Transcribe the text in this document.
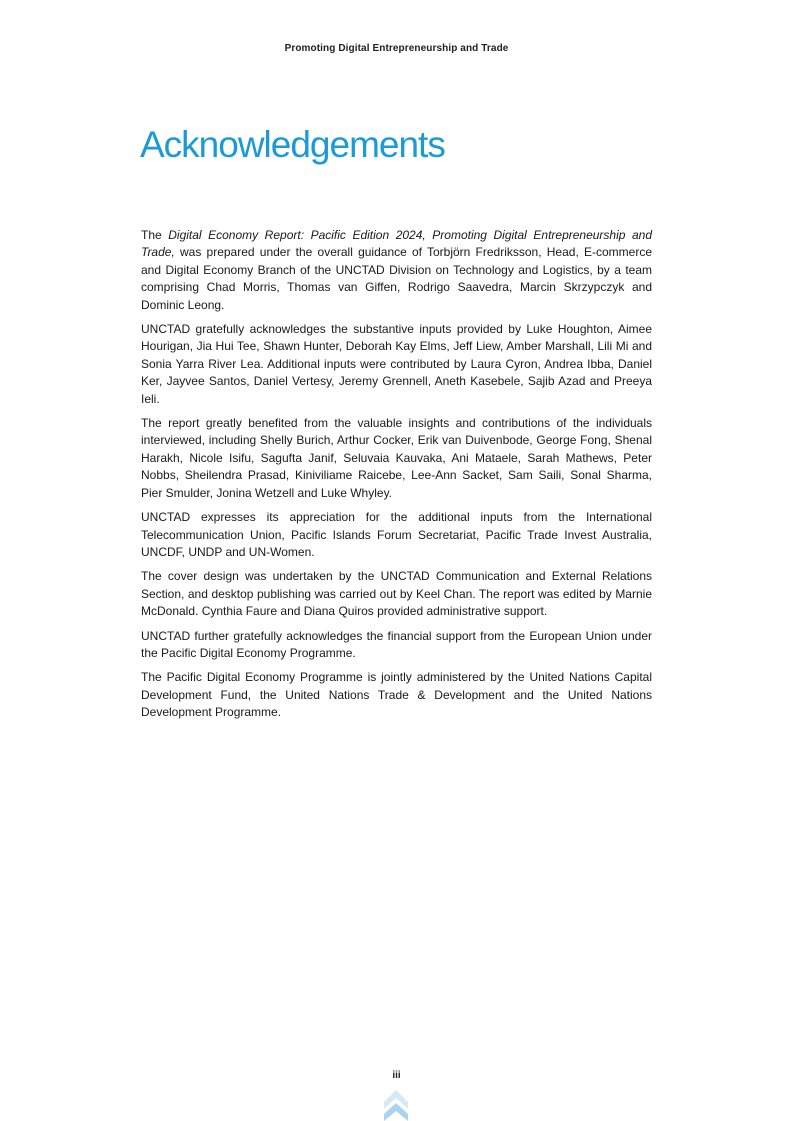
Promoting Digital Entrepreneurship and Trade
Acknowledgements

The Digital Economy Report: Pacific Edition 2024, Promoting Digital Entrepreneurship and Trade, was prepared under the overall guidance of Torbjörn Fredriksson, Head, E-commerce and Digital Economy Branch of the UNCTAD Division on Technology and Logistics, by a team comprising Chad Morris, Thomas van Giffen, Rodrigo Saavedra, Marcin Skrzypczyk and Dominic Leong.

UNCTAD gratefully acknowledges the substantive inputs provided by Luke Houghton, Aimee Hourigan, Jia Hui Tee, Shawn Hunter, Deborah Kay Elms, Jeff Liew, Amber Marshall, Lili Mi and Sonia Yarra River Lea. Additional inputs were contributed by Laura Cyron, Andrea Ibba, Daniel Ker, Jayvee Santos, Daniel Vertesy, Jeremy Grennell, Aneth Kasebele, Sajib Azad and Preeya Ieli.

The report greatly benefited from the valuable insights and contributions of the individuals interviewed, including Shelly Burich, Arthur Cocker, Erik van Duivenbode, George Fong, Shenal Harakh, Nicole Isifu, Sagufta Janif, Seluvaia Kauvaka, Ani Mataele, Sarah Mathews, Peter Nobbs, Sheilendra Prasad, Kiniviliame Raicebe, Lee-Ann Sacket, Sam Saili, Sonal Sharma, Pier Smulder, Jonina Wetzell and Luke Whyley.

UNCTAD expresses its appreciation for the additional inputs from the International Telecommunication Union, Pacific Islands Forum Secretariat, Pacific Trade Invest Australia, UNCDF, UNDP and UN-Women.

The cover design was undertaken by the UNCTAD Communication and External Relations Section, and desktop publishing was carried out by Keel Chan. The report was edited by Marnie McDonald. Cynthia Faure and Diana Quiros provided administrative support.

UNCTAD further gratefully acknowledges the financial support from the European Union under the Pacific Digital Economy Programme.

The Pacific Digital Economy Programme is jointly administered by the United Nations Capital Development Fund, the United Nations Trade & Development and the United Nations Development Programme.

iii
